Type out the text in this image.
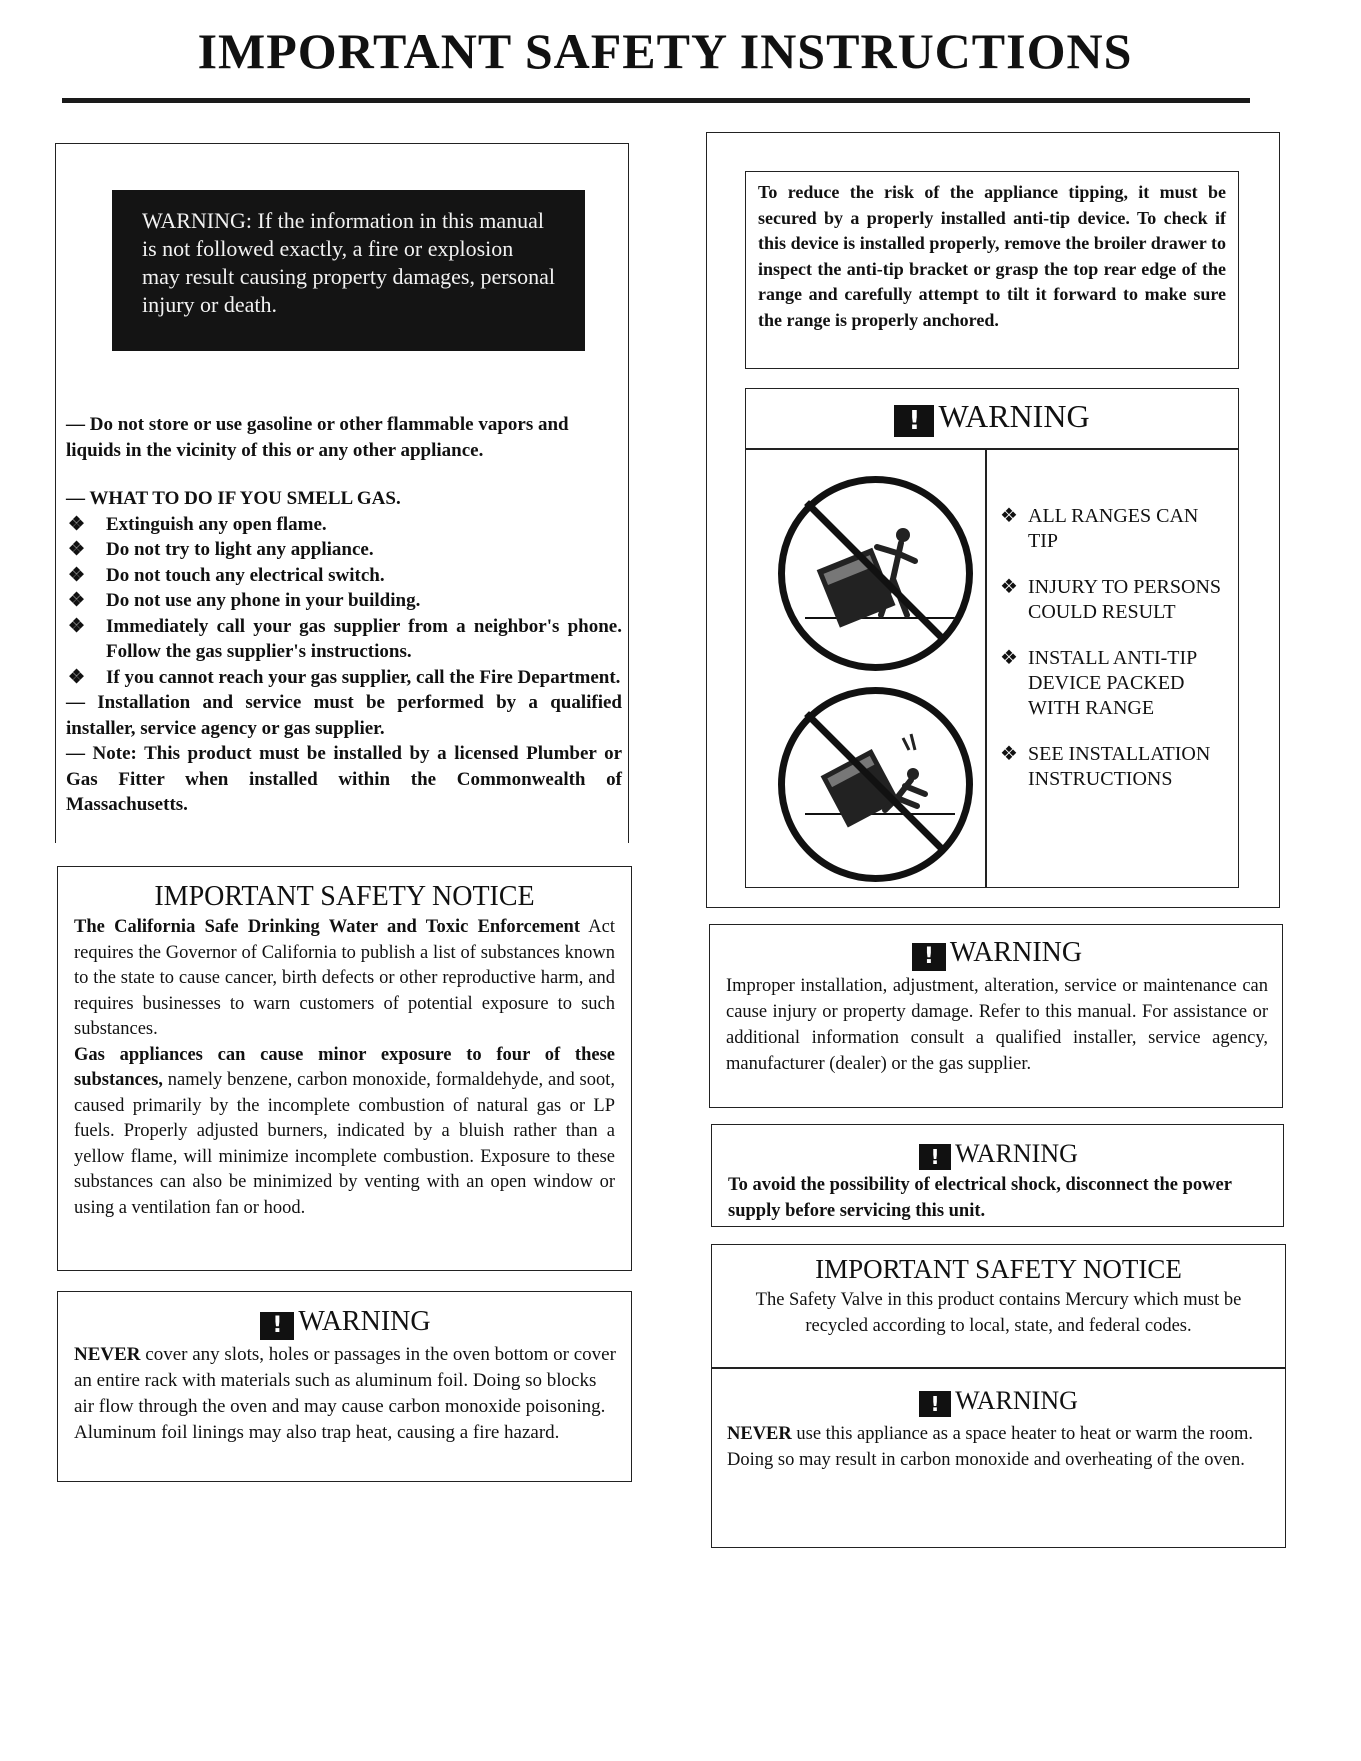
IMPORTANT SAFETY INSTRUCTIONS
WARNING: If the information in this manual is not followed exactly, a fire or explosion may result causing property damages, personal injury or death.
— Do not store or use gasoline or other flammable vapors and liquids in the vicinity of this or any other appliance.
— WHAT TO DO IF YOU SMELL GAS.
❖	Extinguish any open flame.
❖	Do not try to light any appliance.
❖	Do not touch any electrical switch.
❖	Do not use any phone in your building.
❖	Immediately call your gas supplier from a neighbor's phone. Follow the gas supplier's instructions.
❖	If you cannot reach your gas supplier, call the Fire Department.
— Installation and service must be performed by a qualified installer, service agency or gas supplier.
— Note: This product must be installed by a licensed Plumber or Gas Fitter when installed within the Commonwealth of Massachusetts.
IMPORTANT SAFETY NOTICE
The California Safe Drinking Water and Toxic Enforcement Act requires the Governor of California to publish a list of substances known to the state to cause cancer, birth defects or other reproductive harm, and requires businesses to warn customers of potential exposure to such substances.
Gas appliances can cause minor exposure to four of these substances, namely benzene, carbon monoxide, formaldehyde, and soot, caused primarily by the incomplete combustion of natural gas or LP fuels. Properly adjusted burners, indicated by a bluish rather than a yellow flame, will minimize incomplete combustion. Exposure to these substances can also be minimized by venting with an open window or using a ventilation fan or hood.
! WARNING
NEVER cover any slots, holes or passages in the oven bottom or cover an entire rack with materials such as aluminum foil. Doing so blocks air flow through the oven and may cause carbon monoxide poisoning. Aluminum foil linings may also trap heat, causing a fire hazard.
To reduce the risk of the appliance tipping, it must be secured by a properly installed anti-tip device. To check if this device is installed properly, remove the broiler drawer to inspect the anti-tip bracket or grasp the top rear edge of the range and carefully attempt to tilt it forward to make sure the range is properly anchored.
! WARNING
❖ ALL RANGES CAN TIP
❖ INJURY TO PERSONS COULD RESULT
❖ INSTALL ANTI-TIP DEVICE PACKED WITH RANGE
❖ SEE INSTALLATION INSTRUCTIONS
! WARNING
Improper installation, adjustment, alteration, service or maintenance can cause injury or property damage. Refer to this manual. For assistance or additional information consult a qualified installer, service agency, manufacturer (dealer) or the gas supplier.
! WARNING
To avoid the possibility of electrical shock, disconnect the power supply before servicing this unit.
IMPORTANT SAFETY NOTICE
The Safety Valve in this product contains Mercury which must be recycled according to local, state, and federal codes.
! WARNING
NEVER use this appliance as a space heater to heat or warm the room. Doing so may result in carbon monoxide and overheating of the oven.
